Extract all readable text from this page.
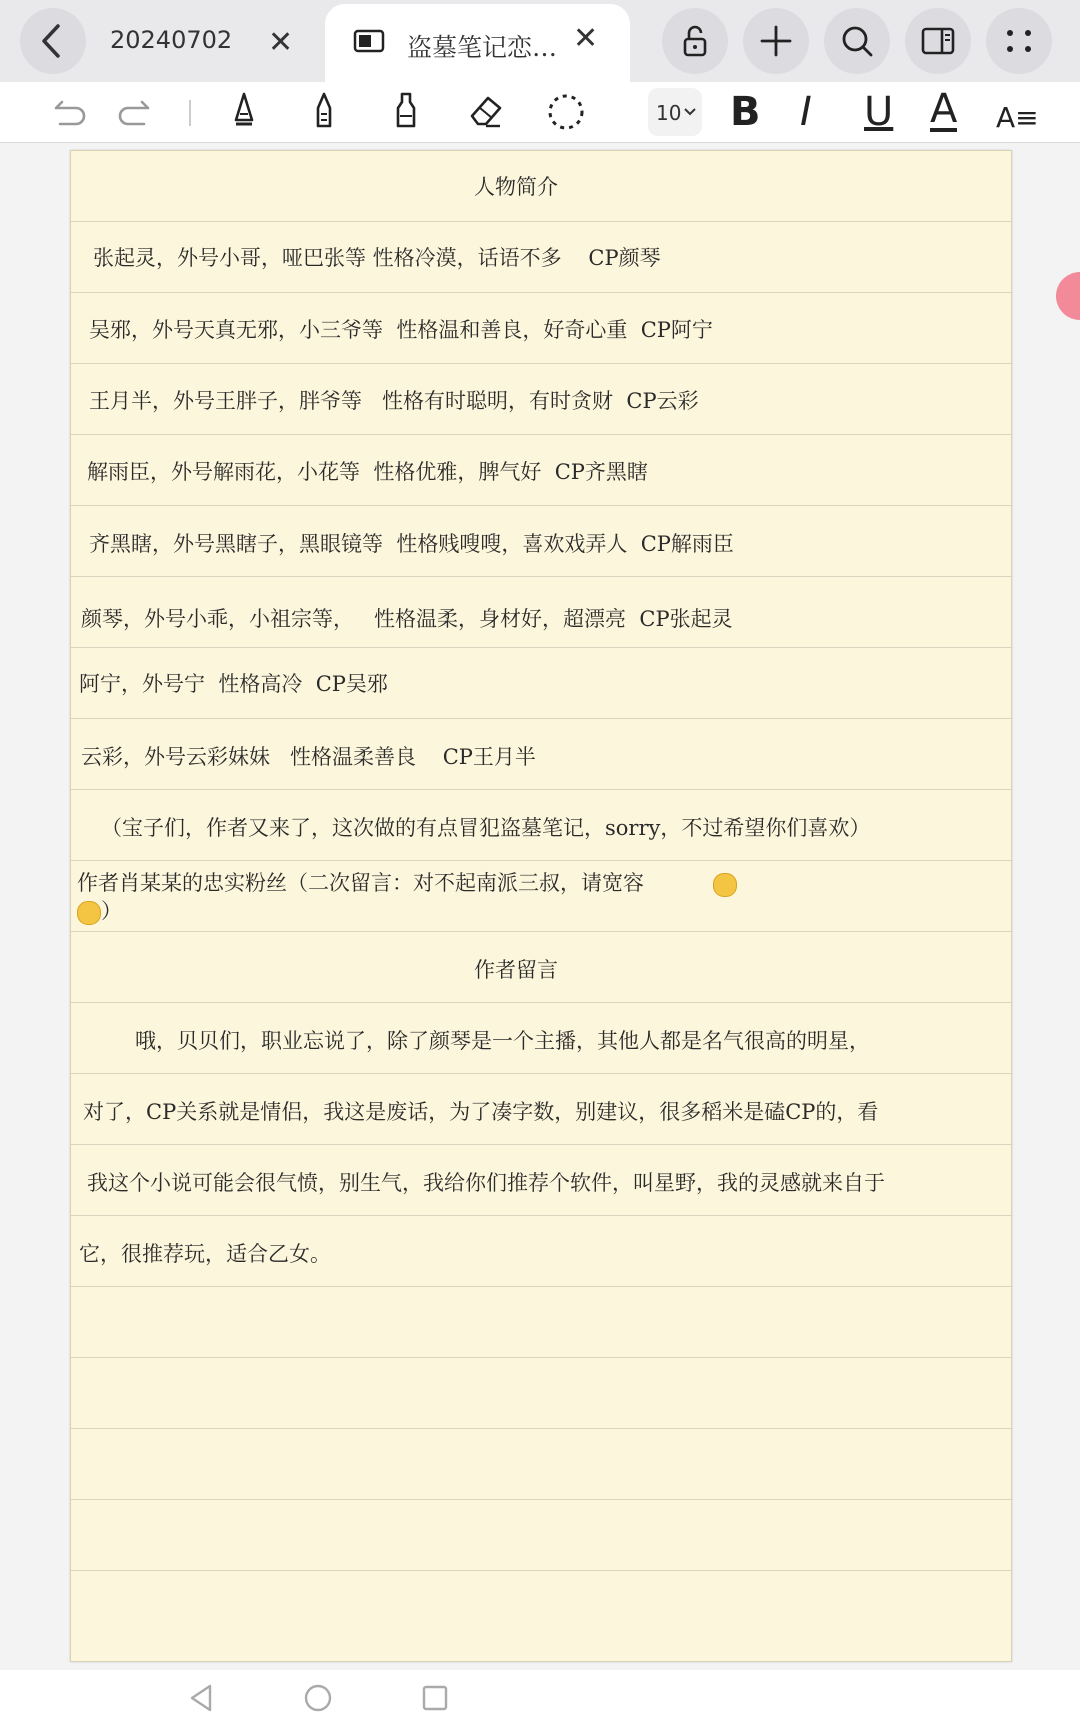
20240702 ✕	盗墓笔记恋… ✕
10 B I U A A≡
人物简介
张起灵，外号小哥，哑巴张等 性格冷漠，话语不多    CP颜琴
吴邪，外号天真无邪，小三爷等  性格温和善良，好奇心重  CP阿宁
王月半，外号王胖子，胖爷等   性格有时聪明，有时贪财  CP云彩
解雨臣，外号解雨花，小花等  性格优雅，脾气好  CP齐黑瞎
齐黑瞎，外号黑瞎子，黑眼镜等  性格贱嗖嗖，喜欢戏弄人  CP解雨臣
颜琴，外号小乖，小祖宗等，   性格温柔，身材好，超漂亮  CP张起灵
阿宁，外号宁  性格高冷  CP吴邪
云彩，外号云彩妹妹   性格温柔善良    CP王月半
（宝子们，作者又来了，这次做的有点冒犯盗墓笔记，sorry，不过希望你们喜欢）

作者肖某某的忠实粉丝（二次留言：对不起南派三叔，请宽容

）

作者留言
哦，贝贝们，职业忘说了，除了颜琴是一个主播，其他人都是名气很高的明星，
对了，CP关系就是情侣，我这是废话，为了凑字数，别建议，很多稻米是磕CP的，看
我这个小说可能会很气愤，别生气，我给你们推荐个软件，叫星野，我的灵感就来自于
它，很推荐玩，适合乙女。
